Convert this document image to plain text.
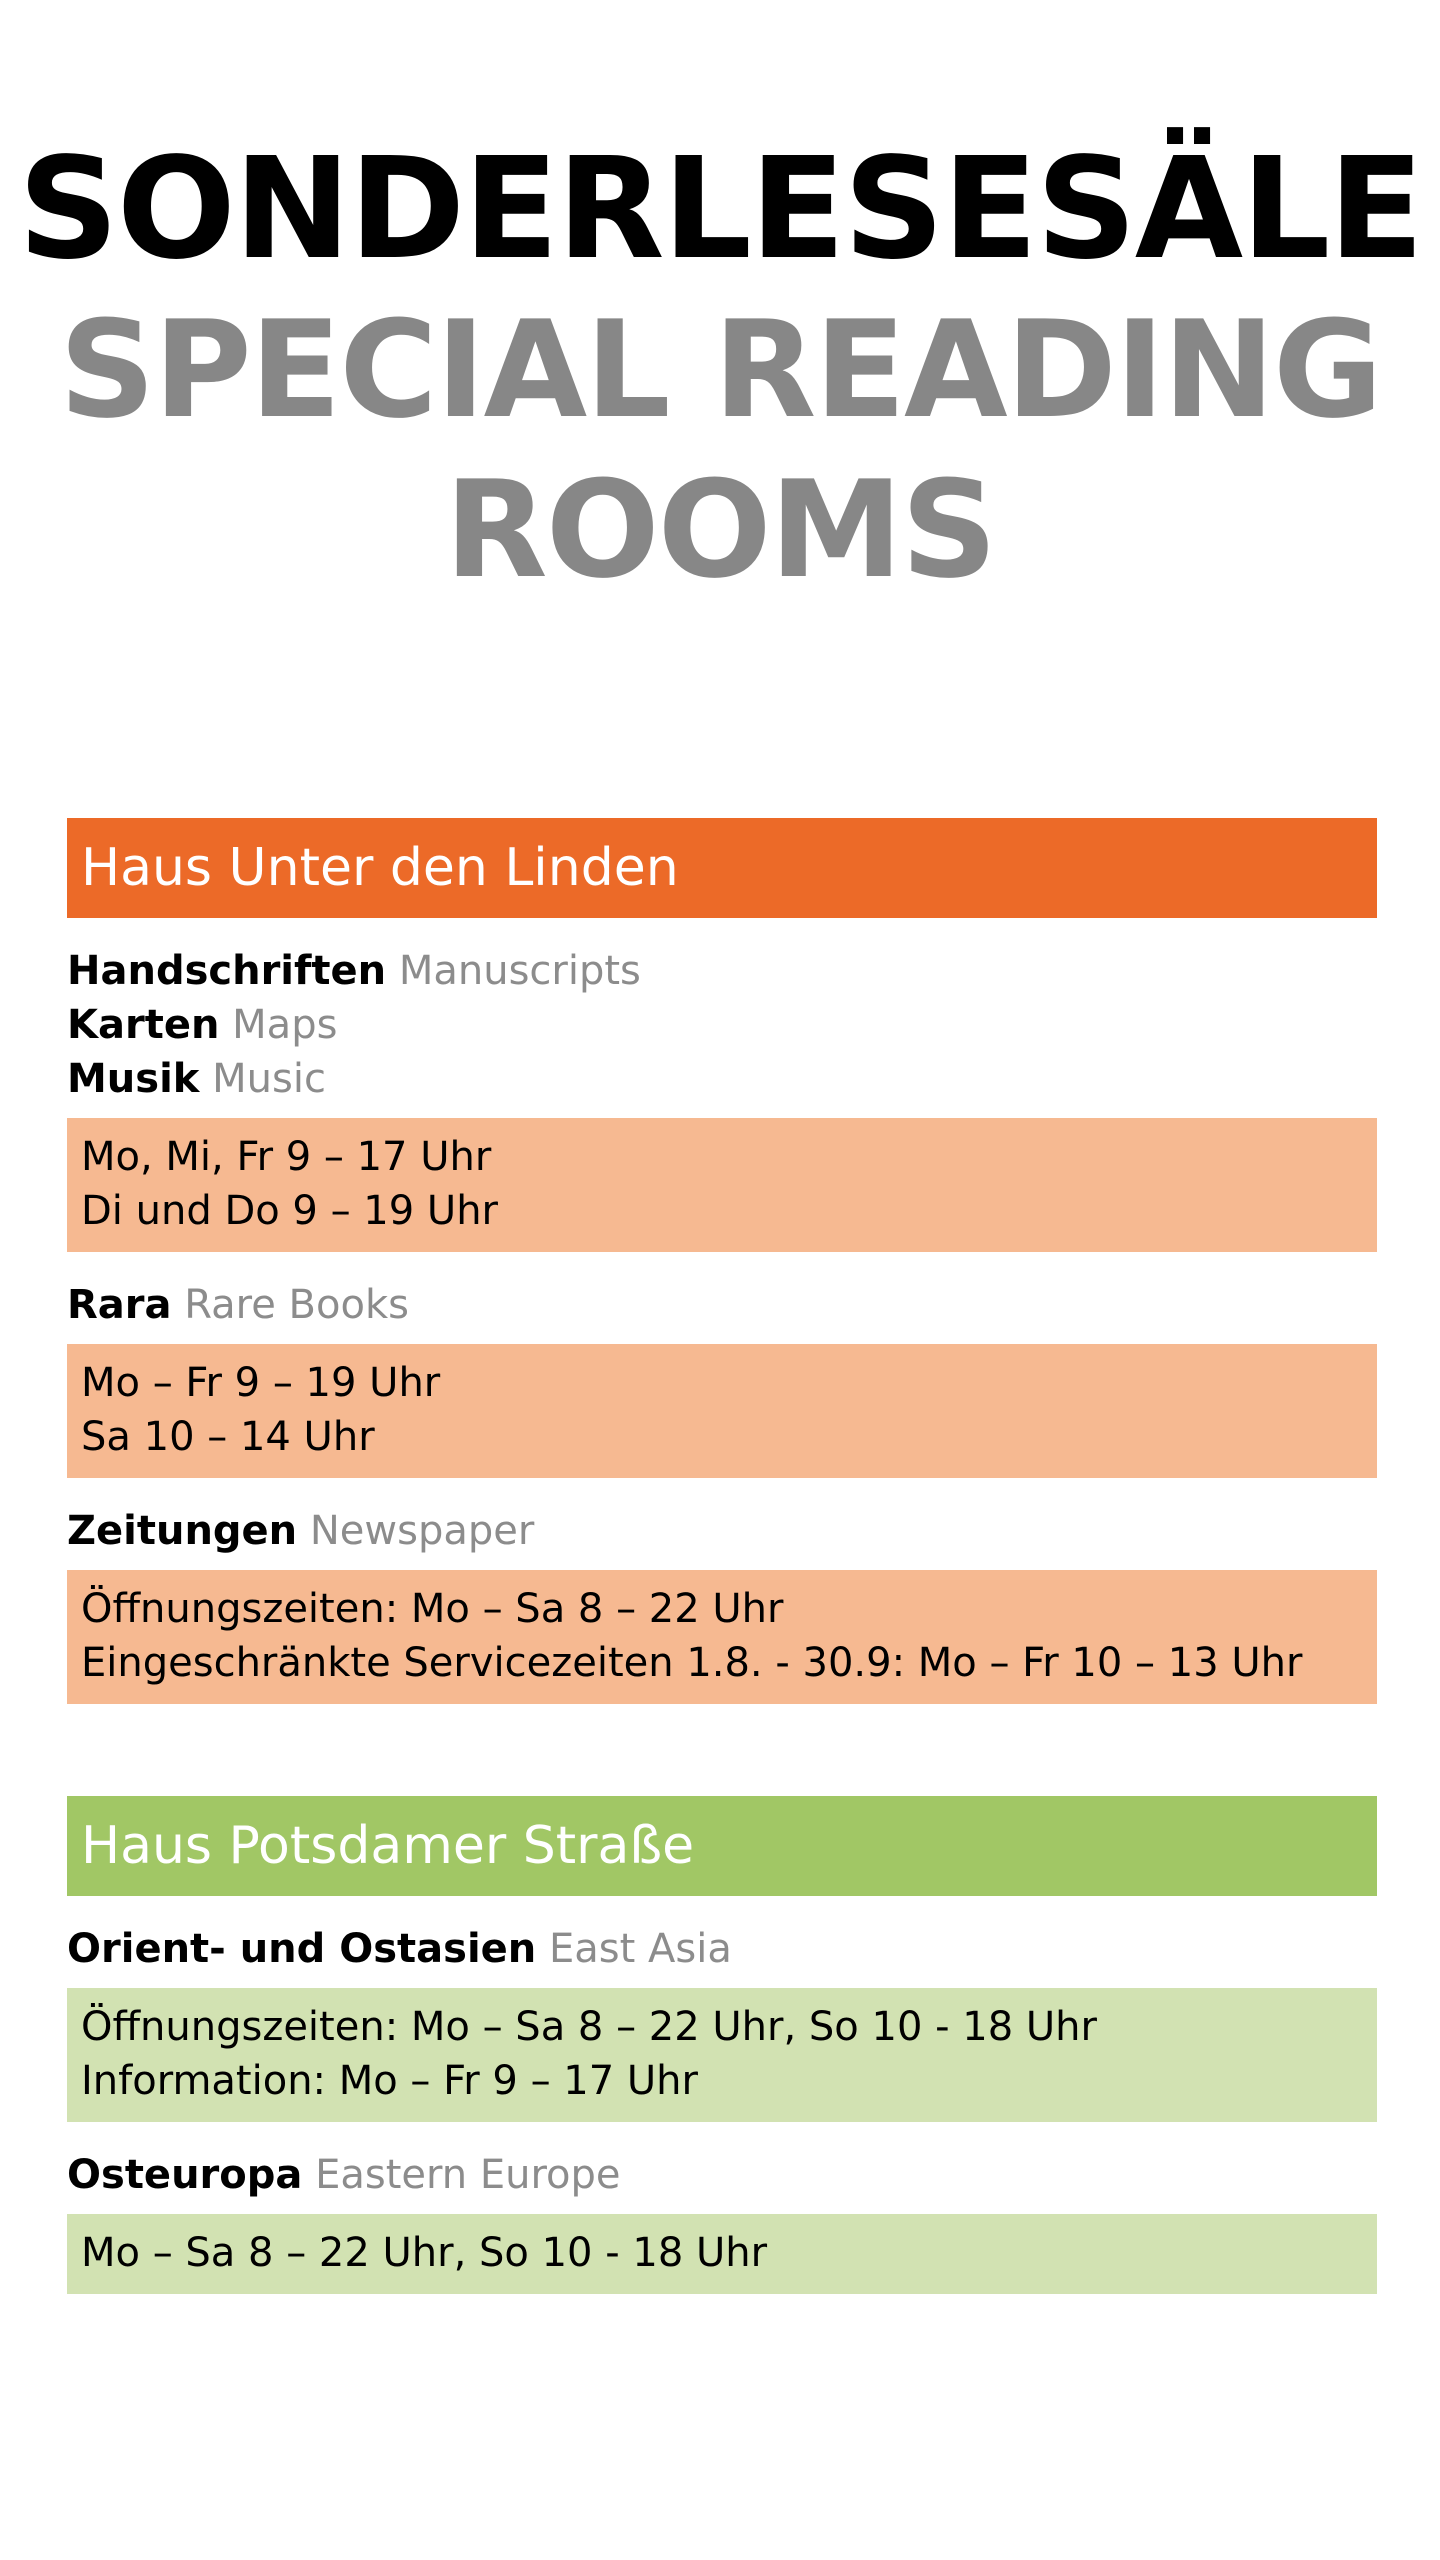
SONDERLESESÄLE
SPECIAL READING
ROOMS
Haus Unter den Linden
Handschriften Manuscripts
Karten Maps
Musik Music
Mo, Mi, Fr 9 – 17 Uhr
Di und Do 9 – 19 Uhr
Rara Rare Books
Mo – Fr 9 – 19 Uhr
Sa 10 – 14 Uhr
Zeitungen Newspaper
Öffnungszeiten: Mo – Sa 8 – 22 Uhr
Eingeschränkte Servicezeiten 1.8. - 30.9: Mo – Fr 10 – 13 Uhr
Haus Potsdamer Straße
Orient- und Ostasien East Asia
Öffnungszeiten: Mo – Sa 8 – 22 Uhr, So 10 - 18 Uhr
Information: Mo – Fr 9 – 17 Uhr
Osteuropa Eastern Europe
Mo – Sa 8 – 22 Uhr, So 10 - 18 Uhr
